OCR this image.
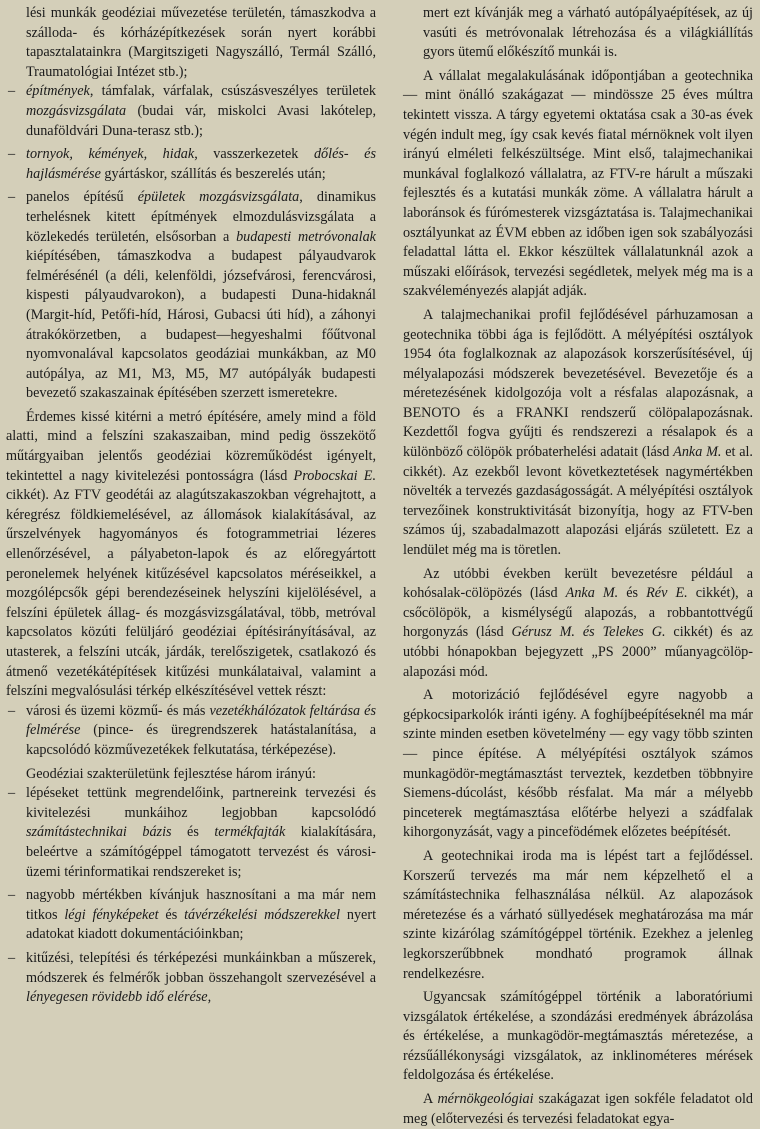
lési munkák geodéziai művezetése területén, támaszkodva a szálloda- és kórházépítkezések során nyert korábbi tapasztalatainkra (Margitszigeti Nagyszálló, Termál Szálló, Traumatológiai Intézet stb.);

– építmények, támfalak, várfalak, csúszásveszélyes területek mozgásvizsgálata (budai vár, miskolci Avasi lakótelep, dunaföldvári Duna-terasz stb.);

– tornyok, kémények, hidak, vasszerkezetek dőlés- és hajlásmérése gyártáskor, szállítás és beszerelés után;

– panelos építésű épületek mozgásvizsgálata, dinamikus terhelésnek kitett építmények elmozdulásvizsgálata a közlekedés területén, elsősorban a budapesti metróvonalak kiépítésében, támaszkodva a budapest pályaudvarok felmérésénél (a déli, kelenföldi, józsefvárosi, ferencvárosi, kispesti pályaudvarokon), a budapesti Duna-hidaknál (Margit-híd, Petőfi-híd, Hárosi, Gubacsi úti híd), a záhonyi átrakókörzetben, a budapest—hegyeshalmi főűtvonal nyomvonalával kapcsolatos geodáziai munkákban, az M0 autópálya, az M1, M3, M5, M7 autópályák budapesti bevezető szakaszainak építésében szerzett ismeretekre.

Érdemes kissé kitérni a metró építésére, amely mind a föld alatti, mind a felszíni szakaszaiban, mind pedig összekötő műtárgyaiban jelentős geodéziai közreműködést igényelt, tekintettel a nagy kivitelezési pontosságra (lásd Probocskai E. cikkét). Az FTV geodétái az alagútszakaszokban végrehajtott, a kéregrész földkiemelésével, az állomások kialakításával, az űrszelvények hagyományos és fotogrammetriai lézeres ellenőrzésével, a pályabeton-lapok és az előregyártott peronelemek helyének kitűzésével kapcsolatos méréseikkel, a mozgólépcsők gépi berendezéseinek helyszíni kijelölésével, a felszíni épületek állag- és mozgásvizsgálatával, több, metróval kapcsolatos közúti felüljáró geodéziai építésirányításával, az utasterek, a felszíni utcák, járdák, terelőszigetek, csatlakozó és átmenő vezetékátépítések kitűzési munkálataival, valamint a felszíni megvalósulási térkép elkészítésével vettek részt:

– városi és üzemi közmű- és más vezetékhálózatok feltárása és felmérése (pince- és üregrendszerek hatástalanítása, a kapcsolódó közművezetékek felkutatása, térképezése).

Geodéziai szakterületünk fejlesztése három irányú:

– lépéseket tettünk megrendelőink, partnereink tervezési és kivitelezési munkáihoz legjobban kapcsolódó számítástechnikai bázis és termékfajták kialakítására, beleértve a számítógéppel támogatott tervezést és városi-üzemi térinformatikai rendszereket is;

– nagyobb mértékben kívánjuk hasznosítani a ma már nem titkos légi fényképeket és távérzékelési módszerekkel nyert adatokat kiadott dokumentációinkban;

– kitűzési, telepítési és térképezési munkáinkban a műszerek, módszerek és felmérők jobban összehangolt szervezésével a lényegesen rövidebb idő elérése,

mert ezt kívánják meg a várható autópályaépítések, az új vasúti és metróvonalak létrehozása és a világkiállítás gyors ütemű előkészítő munkái is.

A vállalat megalakulásának időpontjában a geotechnika — mint önálló szakágazat — mindössze 25 éves múltra tekintett vissza. A tárgy egyetemi oktatása csak a 30-as évek végén indult meg, így csak kevés fiatal mérnöknek volt ilyen irányú elméleti felkészültsége. Mint első, talajmechanikai munkával foglalkozó vállalatra, az FTV-re hárult a műszaki fejlesztés és a kutatási munkák zöme. A vállalatra hárult a laboránsok és fúrómesterek vizsgáztatása is. Talajmechanikai osztályunkat az ÉVM ebben az időben igen sok szabályozási feladattal látta el. Ekkor készültek vállalatunknál azok a műszaki előírások, tervezési segédletek, melyek még ma is a szakvéleményezés alapját adják.

A talajmechanikai profil fejlődésével párhuzamosan a geotechnika többi ága is fejlődött. A mélyépítési osztályok 1954 óta foglalkoznak az alapozások korszerűsítésével, új mélyalapozási módszerek bevezetésével. Bevezetője és a méretezésének kidolgozója volt a résfalas alapozásnak, a BENOTO és a FRANKI rendszerű cölöpalapozásnak. Kezdettől fogva gyűjti és rendszerezi a résalapok és a különböző cölöpök próbaterhelési adatait (lásd Anka M. et al. cikkét). Az ezekből levont következtetések nagymértékben növelték a tervezés gazdaságosságát. A mélyépítési osztályok tervezőinek konstruktivitását bizonyítja, hogy az FTV-ben számos új, szabadalmazott alapozási eljárás született. Ez a lendület még ma is töretlen.

Az utóbbi években került bevezetésre például a kohósalak-cölöpözés (lásd Anka M. és Rév E. cikkét), a csőcölöpök, a kismélységű alapozás, a robbantottvégű horgonyzás (lásd Gérusz M. és Telekes G. cikkét) és az utóbbi hónapokban bejegyzett „PS 2000” műanyagcölöp-alapozási mód.

A motorizáció fejlődésével egyre nagyobb a gépkocsiparkolók iránti igény. A foghíjbeépítéseknél ma már szinte minden esetben követelmény — egy vagy több szinten — pince építése. A mélyépítési osztályok számos munkagödör-megtámasztást terveztek, kezdetben többnyire Siemens-dúcolást, később résfalat. Ma már a mélyebb pinceterek megtámasztása előtérbe helyezi a szádfalak kihorgonyzását, vagy a pincefödémek előzetes beépítését.

A geotechnikai iroda ma is lépést tart a fejlődéssel. Korszerű tervezés ma már nem képzelhető el a számítástechnika felhasználása nélkül. Az alapozások méretezése és a várható süllyedések meghatározása ma már szinte kizárólag számítógéppel történik. Ezekhez a jelenleg legkorszerűbbnek mondható programok állnak rendelkezésre.

Ugyancsak számítógéppel történik a laboratóriumi vizsgálatok értékelése, a szondázási eredmények ábrázolása és értékelése, a munkagödör-megtámasztás méretezése, a rézsűállékonysági vizsgálatok, az inklinométeres mérések feldolgozása és értékelése.

A mérnökgeológiai szakágazat igen sokféle feladatot old meg (előtervezési és tervezési feladatokat egya-
